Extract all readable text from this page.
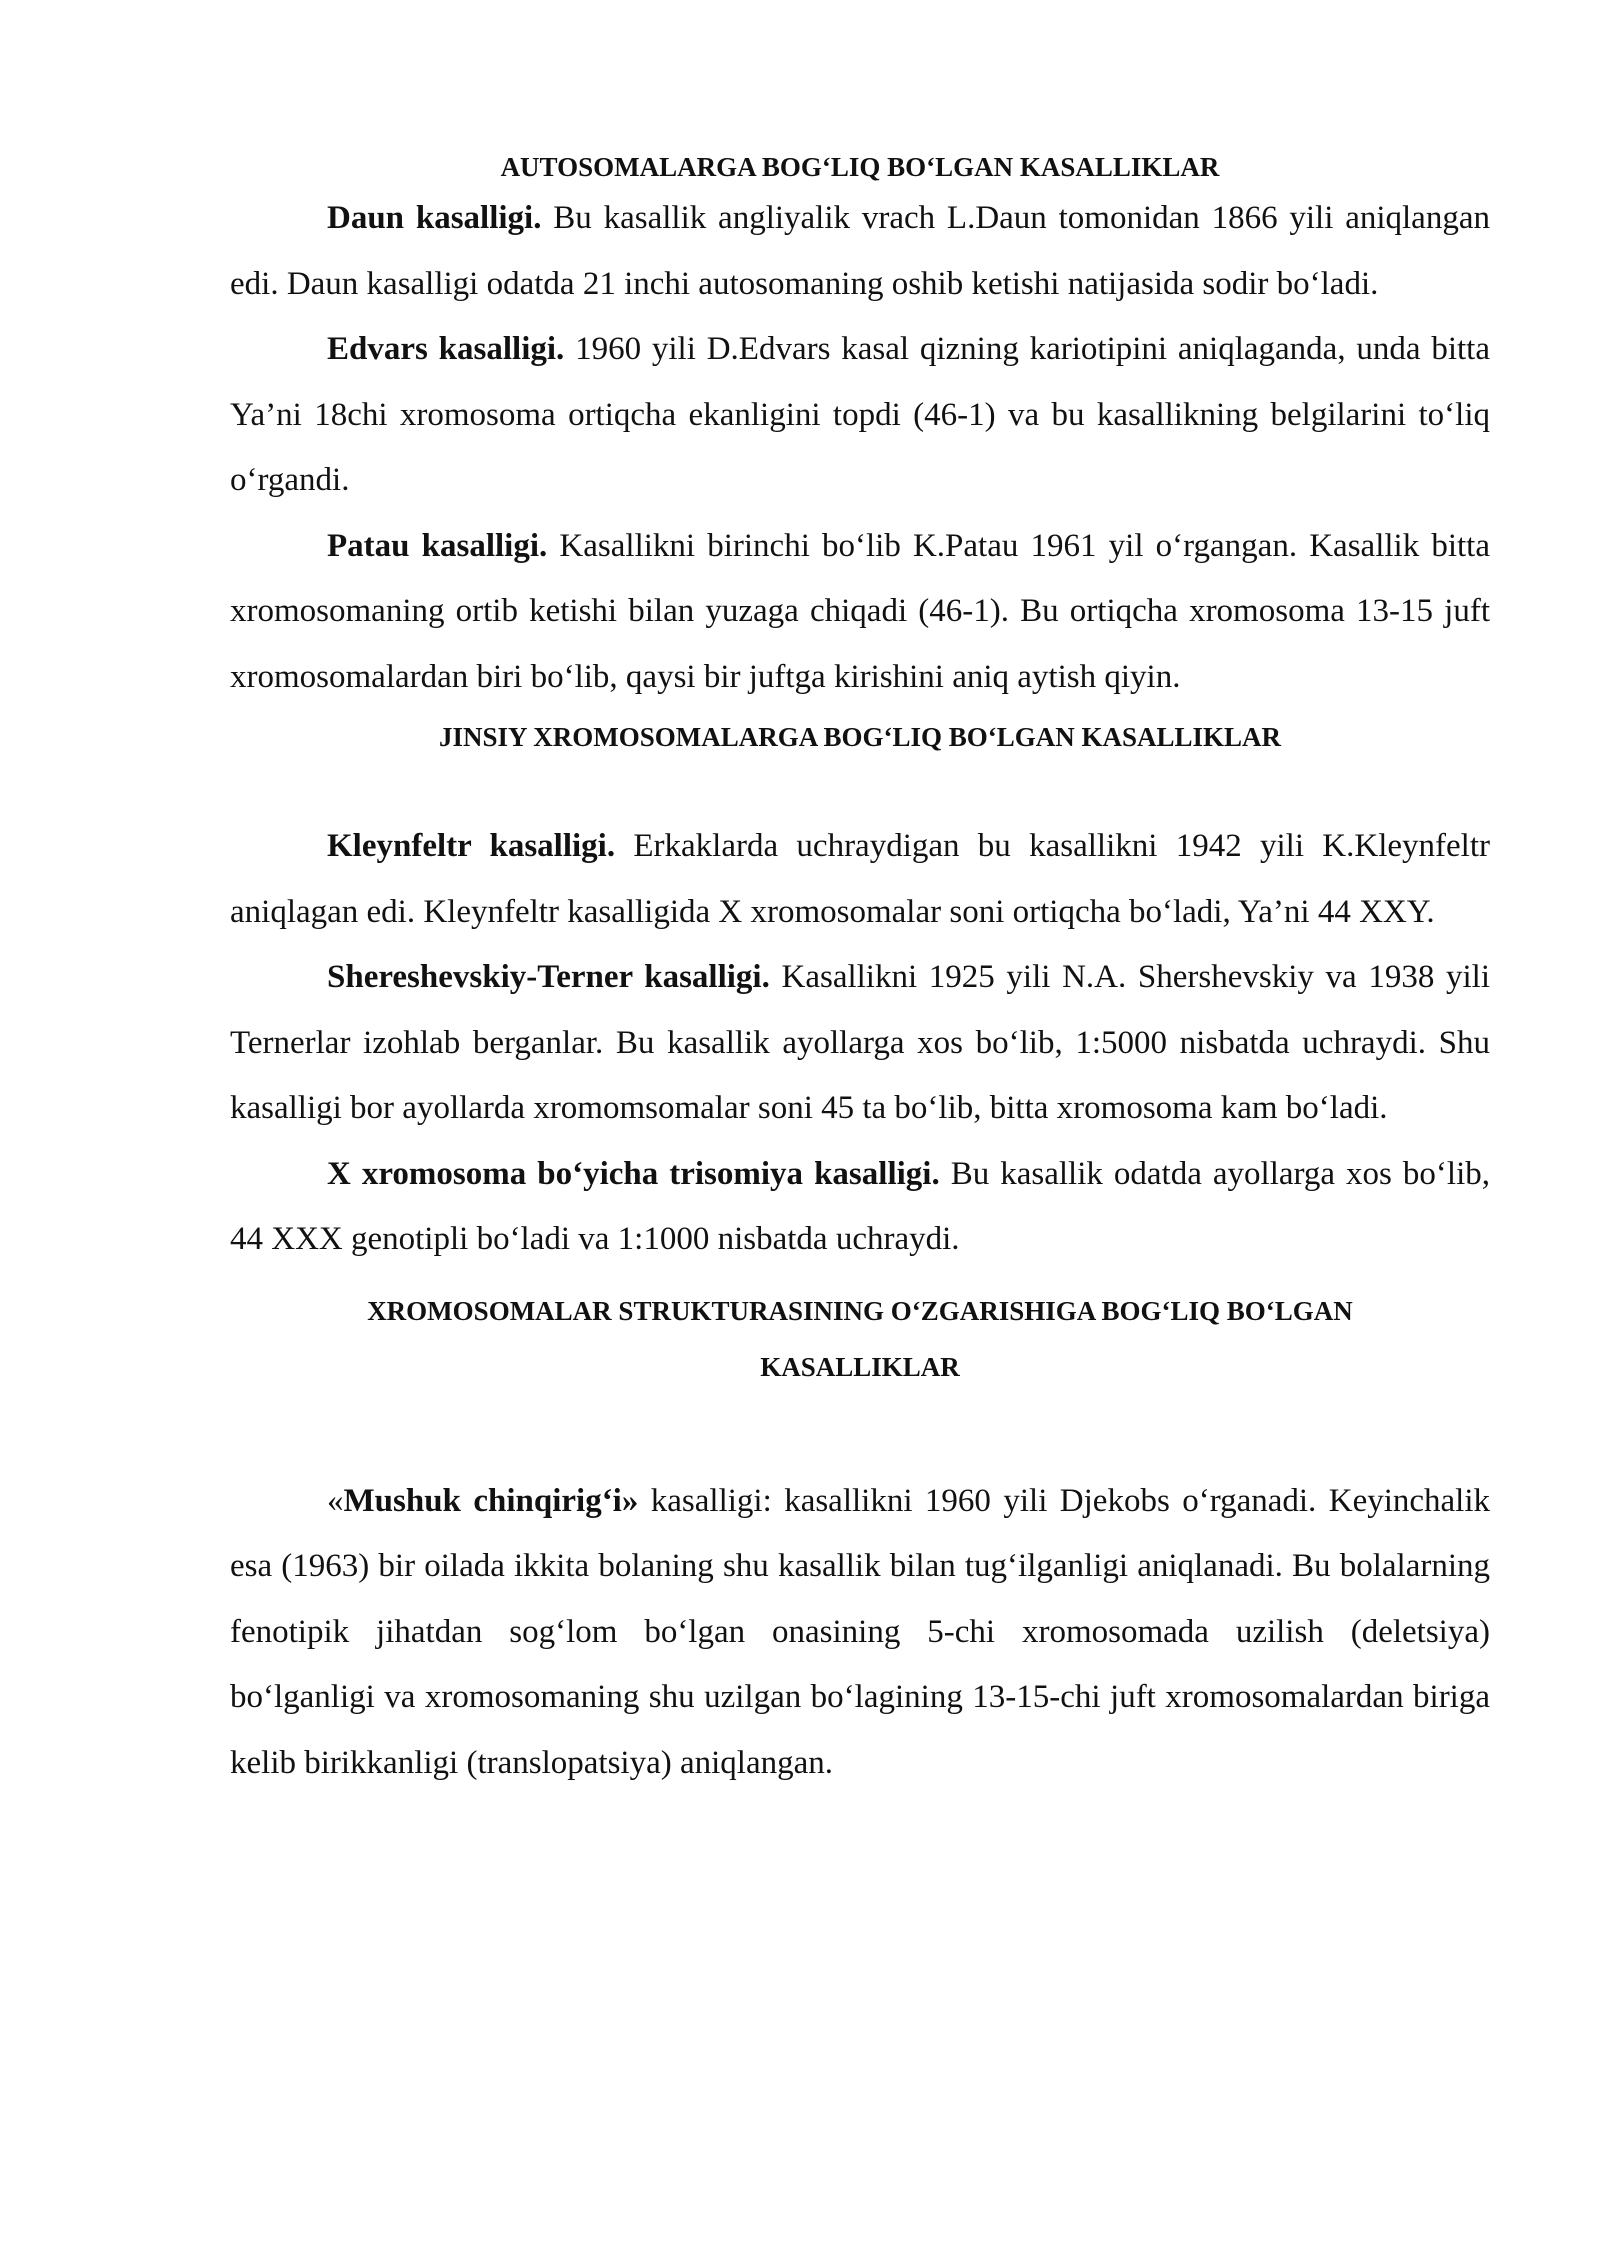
AUTOSOMALARGA BOG‘LIQ BO‘LGAN KASALLIKLAR

Daun kasalligi. Bu kasallik angliyalik vrach L.Daun tomonidan 1866 yili aniqlangan edi. Daun kasalligi odatda 21 inchi autosomaning oshib ketishi natijasida sodir bo‘ladi.

Edvars kasalligi. 1960 yili D.Edvars kasal qizning kariotipini aniqlaganda, unda bitta Ya’ni 18chi xromosoma ortiqcha ekanligini topdi (46-1) va bu kasallikning belgilarini to‘liq o‘rgandi.

Patau kasalligi. Kasallikni birinchi bo‘lib K.Patau 1961 yil o‘rgangan. Kasallik bitta xromosomaning ortib ketishi bilan yuzaga chiqadi (46-1). Bu ortiqcha xromosoma 13-15 juft xromosomalardan biri bo‘lib, qaysi bir juftga kirishini aniq aytish qiyin.

JINSIY XROMOSOMALARGA BOG‘LIQ BO‘LGAN KASALLIKLAR

Kleynfeltr kasalligi. Erkaklarda uchraydigan bu kasallikni 1942 yili K.Kleynfeltr aniqlagan edi. Kleynfeltr kasalligida X xromosomalar soni ortiqcha bo‘ladi, Ya’ni 44 XXY.

Shereshevskiy-Terner kasalligi. Kasallikni 1925 yili N.A. Shershevskiy va 1938 yili Ternerlar izohlab berganlar. Bu kasallik ayollarga xos bo‘lib, 1:5000 nisbatda uchraydi. Shu kasalligi bor ayollarda xromomsomalar soni 45 ta bo‘lib, bitta xromosoma kam bo‘ladi.

X xromosoma bo‘yicha trisomiya kasalligi. Bu kasallik odatda ayollarga xos bo‘lib, 44 XXX genotipli bo‘ladi va 1:1000 nisbatda uchraydi.

XROMOSOMALAR STRUKTURASINING O‘ZGARISHIGA BOG‘LIQ BO‘LGAN
KASALLIKLAR

«Mushuk chinqirig‘i» kasalligi: kasallikni 1960 yili Djekobs o‘rganadi. Keyinchalik esa (1963) bir oilada ikkita bolaning shu kasallik bilan tug‘ilganligi aniqlanadi. Bu bolalarning fenotipik jihatdan sog‘lom bo‘lgan onasining 5-chi xromosomada uzilish (deletsiya) bo‘lganligi va xromosomaning shu uzilgan bo‘lagining 13-15-chi juft xromosomalardan biriga kelib birikkanligi (translopatsiya) aniqlangan.
